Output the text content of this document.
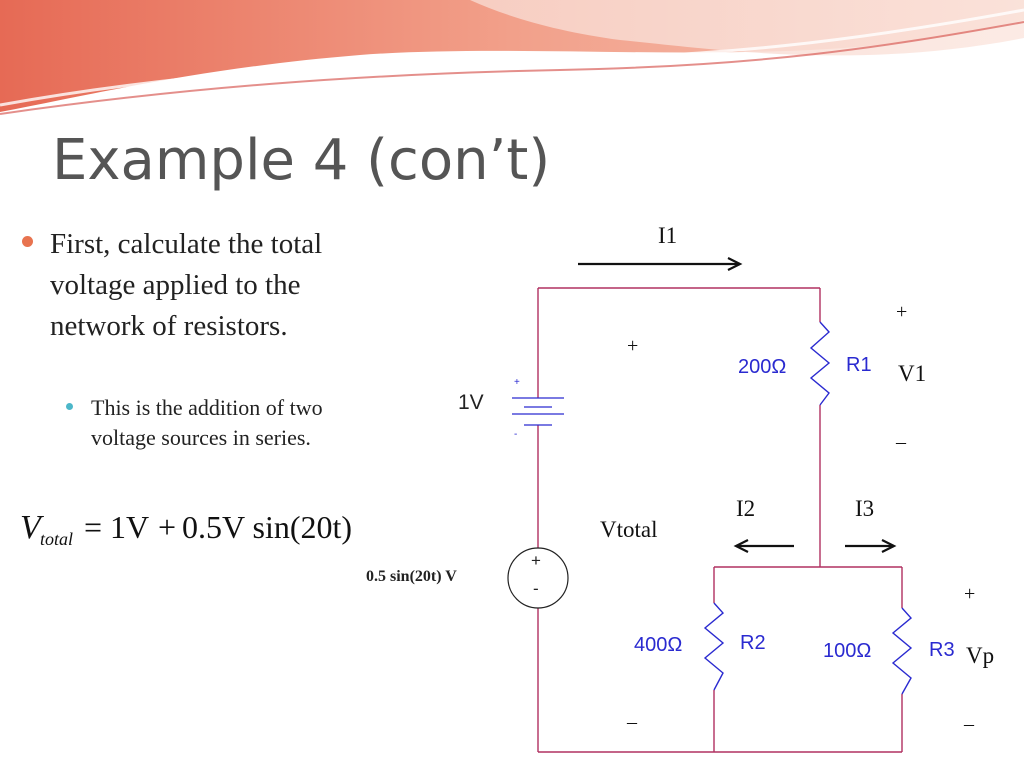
Example 4 (con’t)
First, calculate the total voltage applied to the network of resistors.
This is the addition of two voltage sources in series.
V total = 1V + 0.5V sin(20t)
I1
I2	I3
+
V1
–
+
Vtotal
–
+
Vp
–
1V
+
-
0.5 sin(20t) V
+
-
200Ω	R1
400Ω	R2	100Ω	R3
